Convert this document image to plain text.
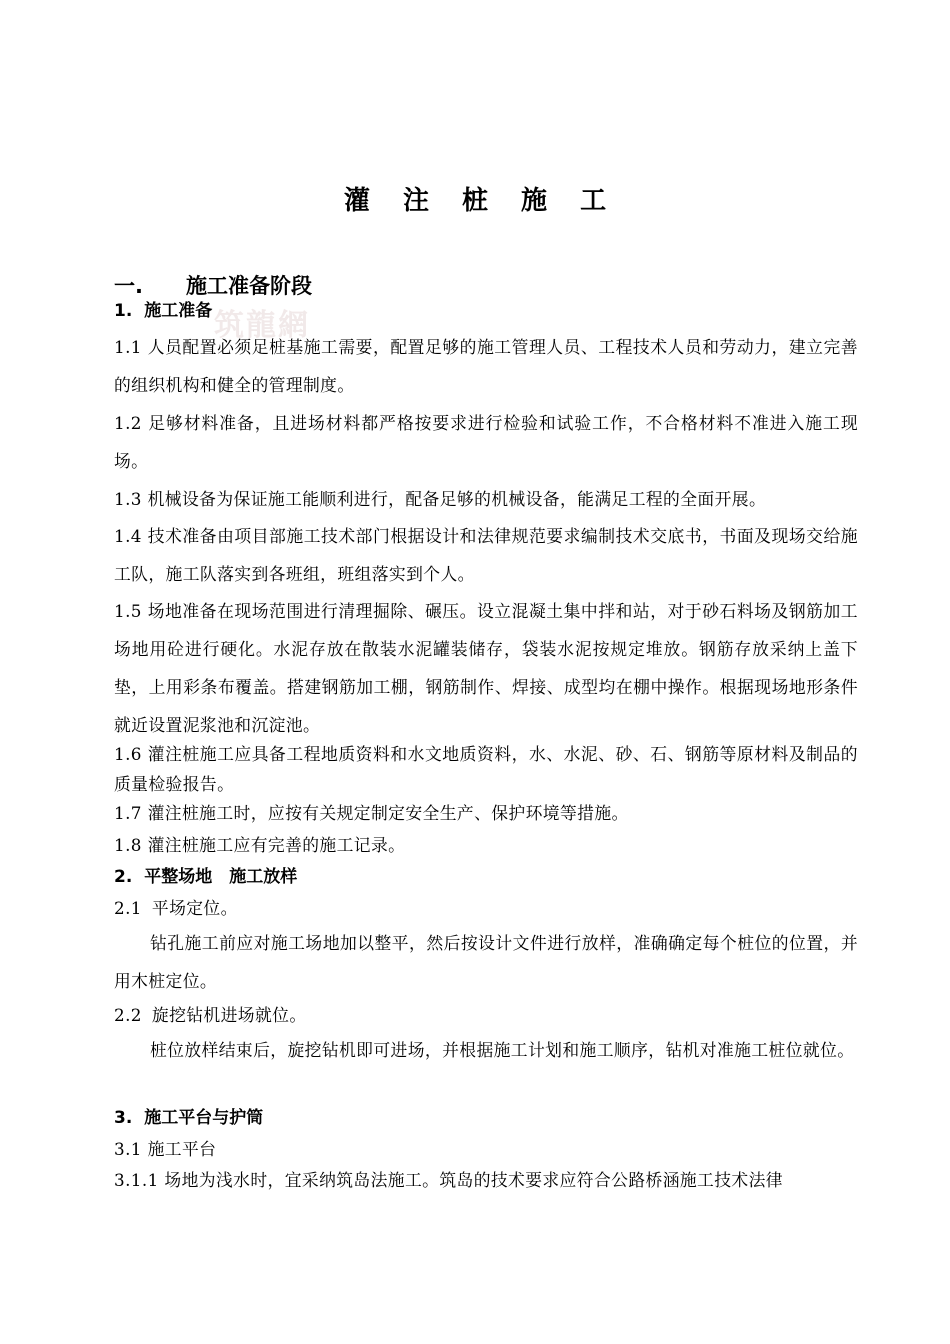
筑龍網
灌 注 桩 施 工
一. 施工准备阶段
1. 施工准备
1.1 人员配置必须足桩基施工需要，配置足够的施工管理人员、工程技术人员和劳动力，建立完善的组织机构和健全的管理制度。
1.2 足够材料准备，且进场材料都严格按要求进行检验和试验工作，不合格材料不准进入施工现场。
1.3 机械设备为保证施工能顺利进行，配备足够的机械设备，能满足工程的全面开展。
1.4 技术准备由项目部施工技术部门根据设计和法律规范要求编制技术交底书，书面及现场交给施工队，施工队落实到各班组，班组落实到个人。
1.5 场地准备在现场范围进行清理掘除、碾压。设立混凝土集中拌和站，对于砂石料场及钢筋加工场地用砼进行硬化。水泥存放在散装水泥罐装储存，袋装水泥按规定堆放。钢筋存放采纳上盖下垫，上用彩条布覆盖。搭建钢筋加工棚，钢筋制作、焊接、成型均在棚中操作。根据现场地形条件就近设置泥浆池和沉淀池。
1.6 灌注桩施工应具备工程地质资料和水文地质资料，水、水泥、砂、石、钢筋等原材料及制品的质量检验报告。
1.7 灌注桩施工时，应按有关规定制定安全生产、保护环境等措施。
1.8 灌注桩施工应有完善的施工记录。
2. 平整场地　施工放样
2.1 平场定位。
钻孔施工前应对施工场地加以整平，然后按设计文件进行放样，准确确定每个桩位的位置，并用木桩定位。
2.2 旋挖钻机进场就位。
桩位放样结束后，旋挖钻机即可进场，并根据施工计划和施工顺序，钻机对准施工桩位就位。
3. 施工平台与护筒
3.1 施工平台
3.1.1 场地为浅水时，宜采纳筑岛法施工。筑岛的技术要求应符合公路桥涵施工技术法律
